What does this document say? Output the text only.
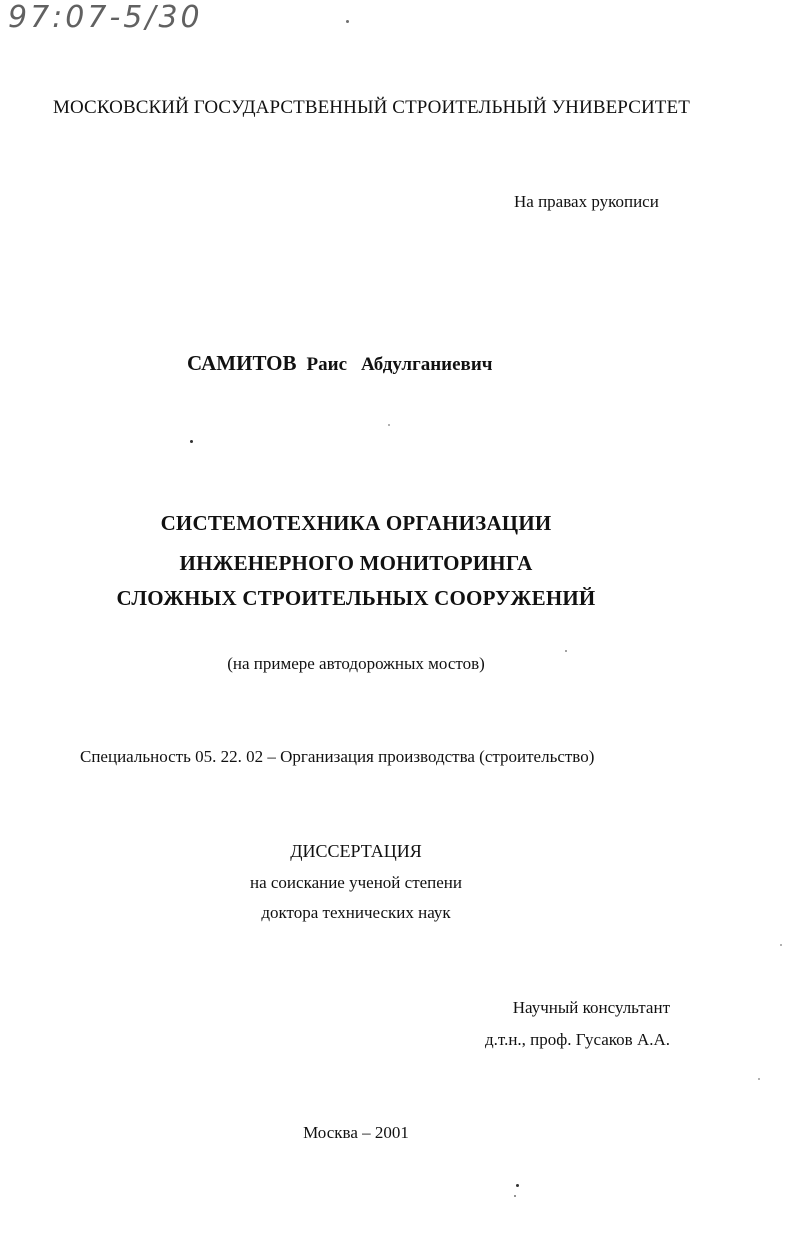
97:07-5/30
МОСКОВСКИЙ ГОСУДАРСТВЕННЫЙ СТРОИТЕЛЬНЫЙ УНИВЕРСИТЕТ
На правах рукописи
САМИТОВ Раис Абдулганиевич
СИСТЕМОТЕХНИКА ОРГАНИЗАЦИИ
ИНЖЕНЕРНОГО МОНИТОРИНГА
СЛОЖНЫХ СТРОИТЕЛЬНЫХ СООРУЖЕНИЙ
(на примере автодорожных мостов)
Специальность 05. 22. 02 – Организация производства (строительство)
ДИССЕРТАЦИЯ
на соискание ученой степени
доктора технических наук
Научный консультант
д.т.н., проф. Гусаков А.А.
Москва – 2001
